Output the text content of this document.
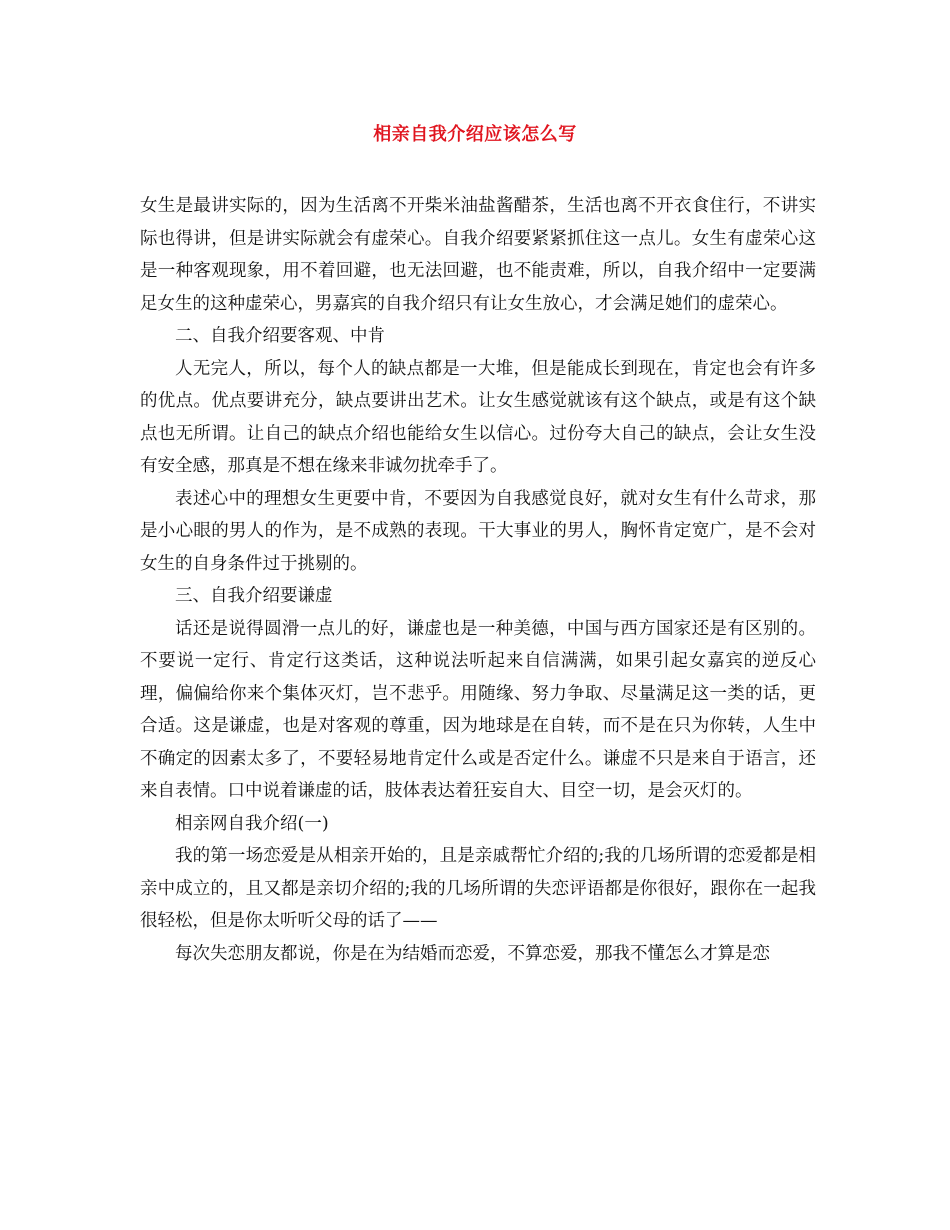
相亲自我介绍应该怎么写

女生是最讲实际的，因为生活离不开柴米油盐酱醋茶，生活也离不开衣食住行，不讲实际也得讲，但是讲实际就会有虚荣心。自我介绍要紧紧抓住这一点儿。女生有虚荣心这是一种客观现象，用不着回避，也无法回避，也不能责难，所以，自我介绍中一定要满足女生的这种虚荣心，男嘉宾的自我介绍只有让女生放心，才会满足她们的虚荣心。

二、自我介绍要客观、中肯

人无完人，所以，每个人的缺点都是一大堆，但是能成长到现在，肯定也会有许多的优点。优点要讲充分，缺点要讲出艺术。让女生感觉就该有这个缺点，或是有这个缺点也无所谓。让自己的缺点介绍也能给女生以信心。过份夸大自己的缺点，会让女生没有安全感，那真是不想在缘来非诚勿扰牵手了。

表述心中的理想女生更要中肯，不要因为自我感觉良好，就对女生有什么苛求，那是小心眼的男人的作为，是不成熟的表现。干大事业的男人，胸怀肯定宽广，是不会对女生的自身条件过于挑剔的。

三、自我介绍要谦虚

话还是说得圆滑一点儿的好，谦虚也是一种美德，中国与西方国家还是有区别的。不要说一定行、肯定行这类话，这种说法听起来自信满满，如果引起女嘉宾的逆反心理，偏偏给你来个集体灭灯，岂不悲乎。用随缘、努力争取、尽量满足这一类的话，更合适。这是谦虚，也是对客观的尊重，因为地球是在自转，而不是在只为你转，人生中不确定的因素太多了，不要轻易地肯定什么或是否定什么。谦虚不只是来自于语言，还来自表情。口中说着谦虚的话，肢体表达着狂妄自大、目空一切，是会灭灯的。

相亲网自我介绍(一)

我的第一场恋爱是从相亲开始的，且是亲戚帮忙介绍的;我的几场所谓的恋爱都是相亲中成立的，且又都是亲切介绍的;我的几场所谓的失恋评语都是你很好，跟你在一起我很轻松，但是你太听听父母的话了——

每次失恋朋友都说，你是在为结婚而恋爱，不算恋爱，那我不懂怎么才算是恋
